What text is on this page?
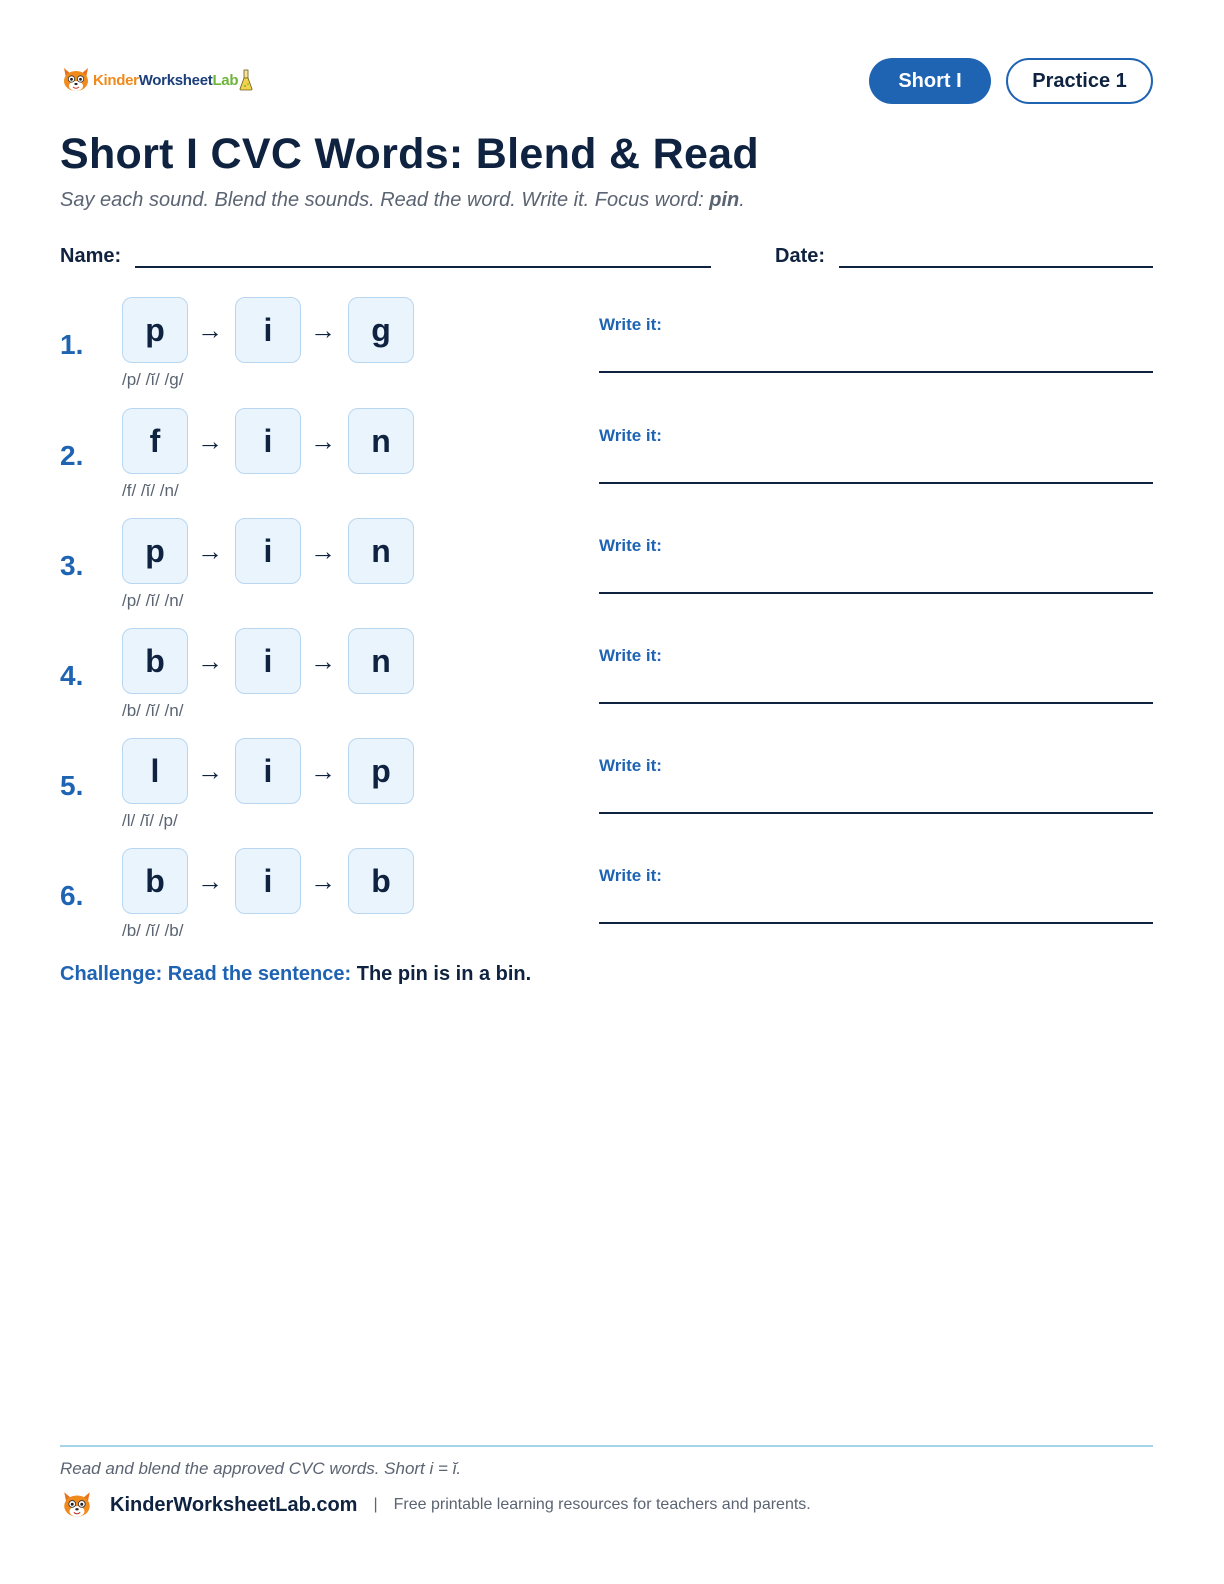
KinderWorksheetLab	Short I	Practice 1
Short I CVC Words: Blend & Read

Say each sound. Blend the sounds. Read the word. Write it. Focus word: pin.

Name:	Date:
1.	p	→	i	→	g
/p/ /ĭ/ /g/
Write it:
2.	f	→	i	→	n
/f/ /ĭ/ /n/
Write it:
3.	p	→	i	→	n
/p/ /ĭ/ /n/
Write it:
4.	b	→	i	→	n
/b/ /ĭ/ /n/
Write it:
5.	l	→	i	→	p
/l/ /ĭ/ /p/
Write it:
6.	b	→	i	→	b
/b/ /ĭ/ /b/
Write it:
Challenge: Read the sentence: The pin is in a bin.
Read and blend the approved CVC words. Short i = ĭ.
KinderWorksheetLab.com | Free printable learning resources for teachers and parents.
